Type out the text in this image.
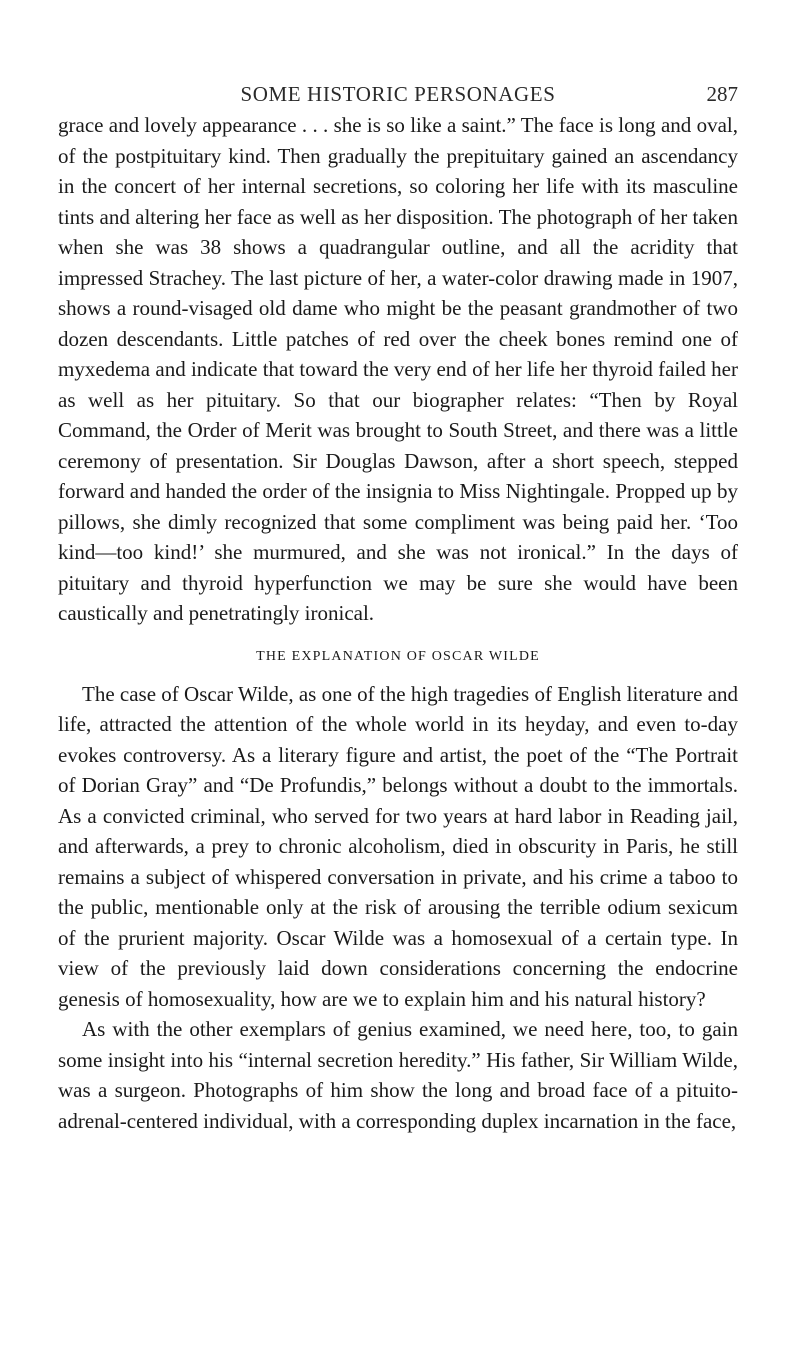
SOME HISTORIC PERSONAGES	287

grace and lovely appearance . . . she is so like a saint.” The face is long and oval, of the postpituitary kind. Then gradually the prepituitary gained an ascendancy in the concert of her internal secretions, so coloring her life with its masculine tints and altering her face as well as her disposition. The photograph of her taken when she was 38 shows a quadrangular outline, and all the acridity that impressed Strachey. The last picture of her, a water-color drawing made in 1907, shows a round-visaged old dame who might be the peasant grandmother of two dozen descendants. Little patches of red over the cheek bones remind one of myxedema and indicate that toward the very end of her life her thyroid failed her as well as her pituitary. So that our biographer relates: “Then by Royal Command, the Order of Merit was brought to South Street, and there was a little ceremony of presentation. Sir Douglas Dawson, after a short speech, stepped forward and handed the order of the insignia to Miss Nightingale. Propped up by pillows, she dimly recognized that some compliment was being paid her. ‘Too kind—too kind!’ she murmured, and she was not ironical.” In the days of pituitary and thyroid hyperfunction we may be sure she would have been caustically and penetratingly ironical.

THE EXPLANATION OF OSCAR WILDE

The case of Oscar Wilde, as one of the high tragedies of English literature and life, attracted the attention of the whole world in its heyday, and even to-day evokes controversy. As a literary figure and artist, the poet of the “The Portrait of Dorian Gray” and “De Profundis,” belongs without a doubt to the immortals. As a convicted criminal, who served for two years at hard labor in Reading jail, and afterwards, a prey to chronic alcoholism, died in obscurity in Paris, he still remains a subject of whispered conversation in private, and his crime a taboo to the public, mentionable only at the risk of arousing the terrible odium sexicum of the prurient majority. Oscar Wilde was a homosexual of a certain type. In view of the previously laid down considerations concerning the endocrine genesis of homosexuality, how are we to explain him and his natural history?

As with the other exemplars of genius examined, we need here, too, to gain some insight into his “internal secretion heredity.” His father, Sir William Wilde, was a surgeon. Photographs of him show the long and broad face of a pituito-adrenal-centered individual, with a corresponding duplex incarnation in the face,
